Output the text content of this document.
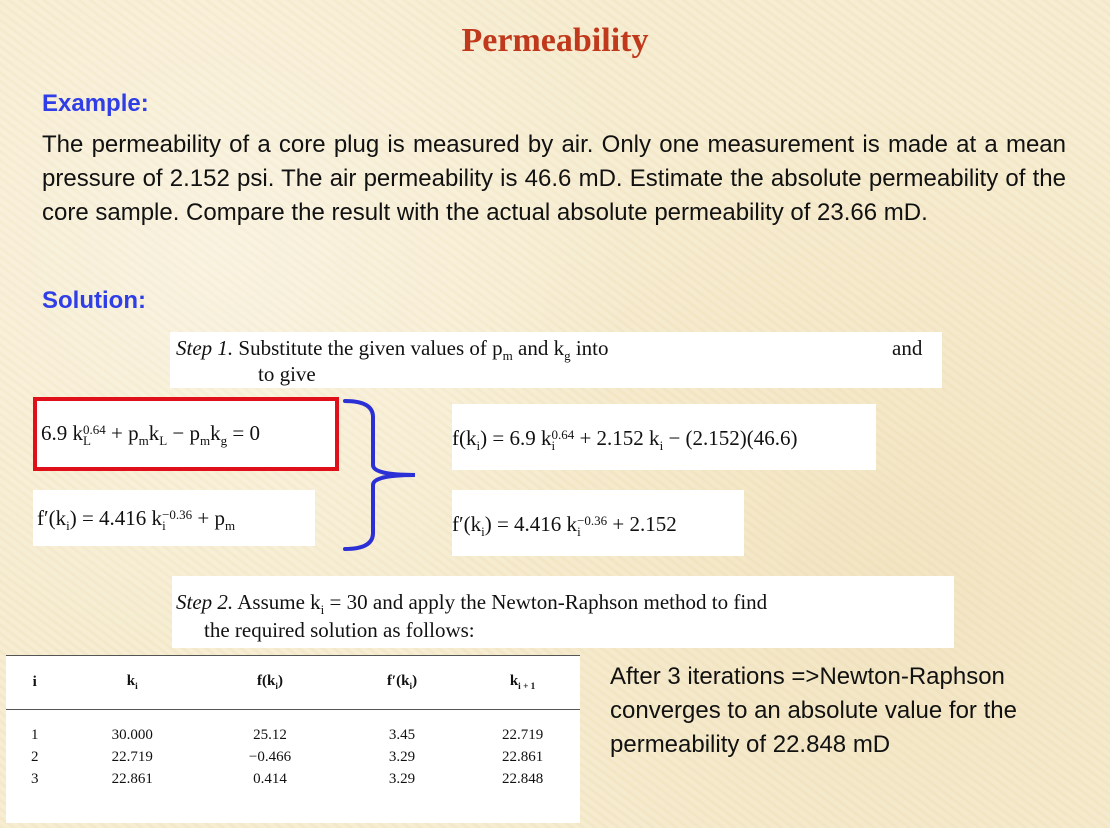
Permeability
Example:
The permeability of a core plug is measured by air. Only one measurement is made at a mean pressure of 2.152 psi. The air permeability is 46.6 mD. Estimate the absolute permeability of the core sample. Compare the result with the actual absolute permeability of 23.66 mD.
Solution:
Step 1. Substitute the given values of $p_m$ and $k_g$ into	and
to give
6.9 k 0.64
$L + p_mk_L - p_mk_g = 0$
$f'(k_i) = 4.416$ k −0.36
i	+ $p_m$
$f(k_i) = 6.9$ k 0.64
i + 2.152 $k_i - (2.152)(46.6)$
$f'(k_i) = 4.416$ k −0.36
i	+ 2.152
Step 2. Assume $k_i = 30$ and apply the Newton-Raphson method to find
the required solution as follows:
i	$k_i$	$f(k_i)$	$f'(k_i)$	$k_{i + 1}$
1	30.000	25.12	3.45	22.719
2	22.719	−0.466	3.29	22.861
3	22.861	0.414	3.29	22.848
After 3 iterations =>Newton-Raphson converges to an absolute value for the permeability of 22.848 mD
